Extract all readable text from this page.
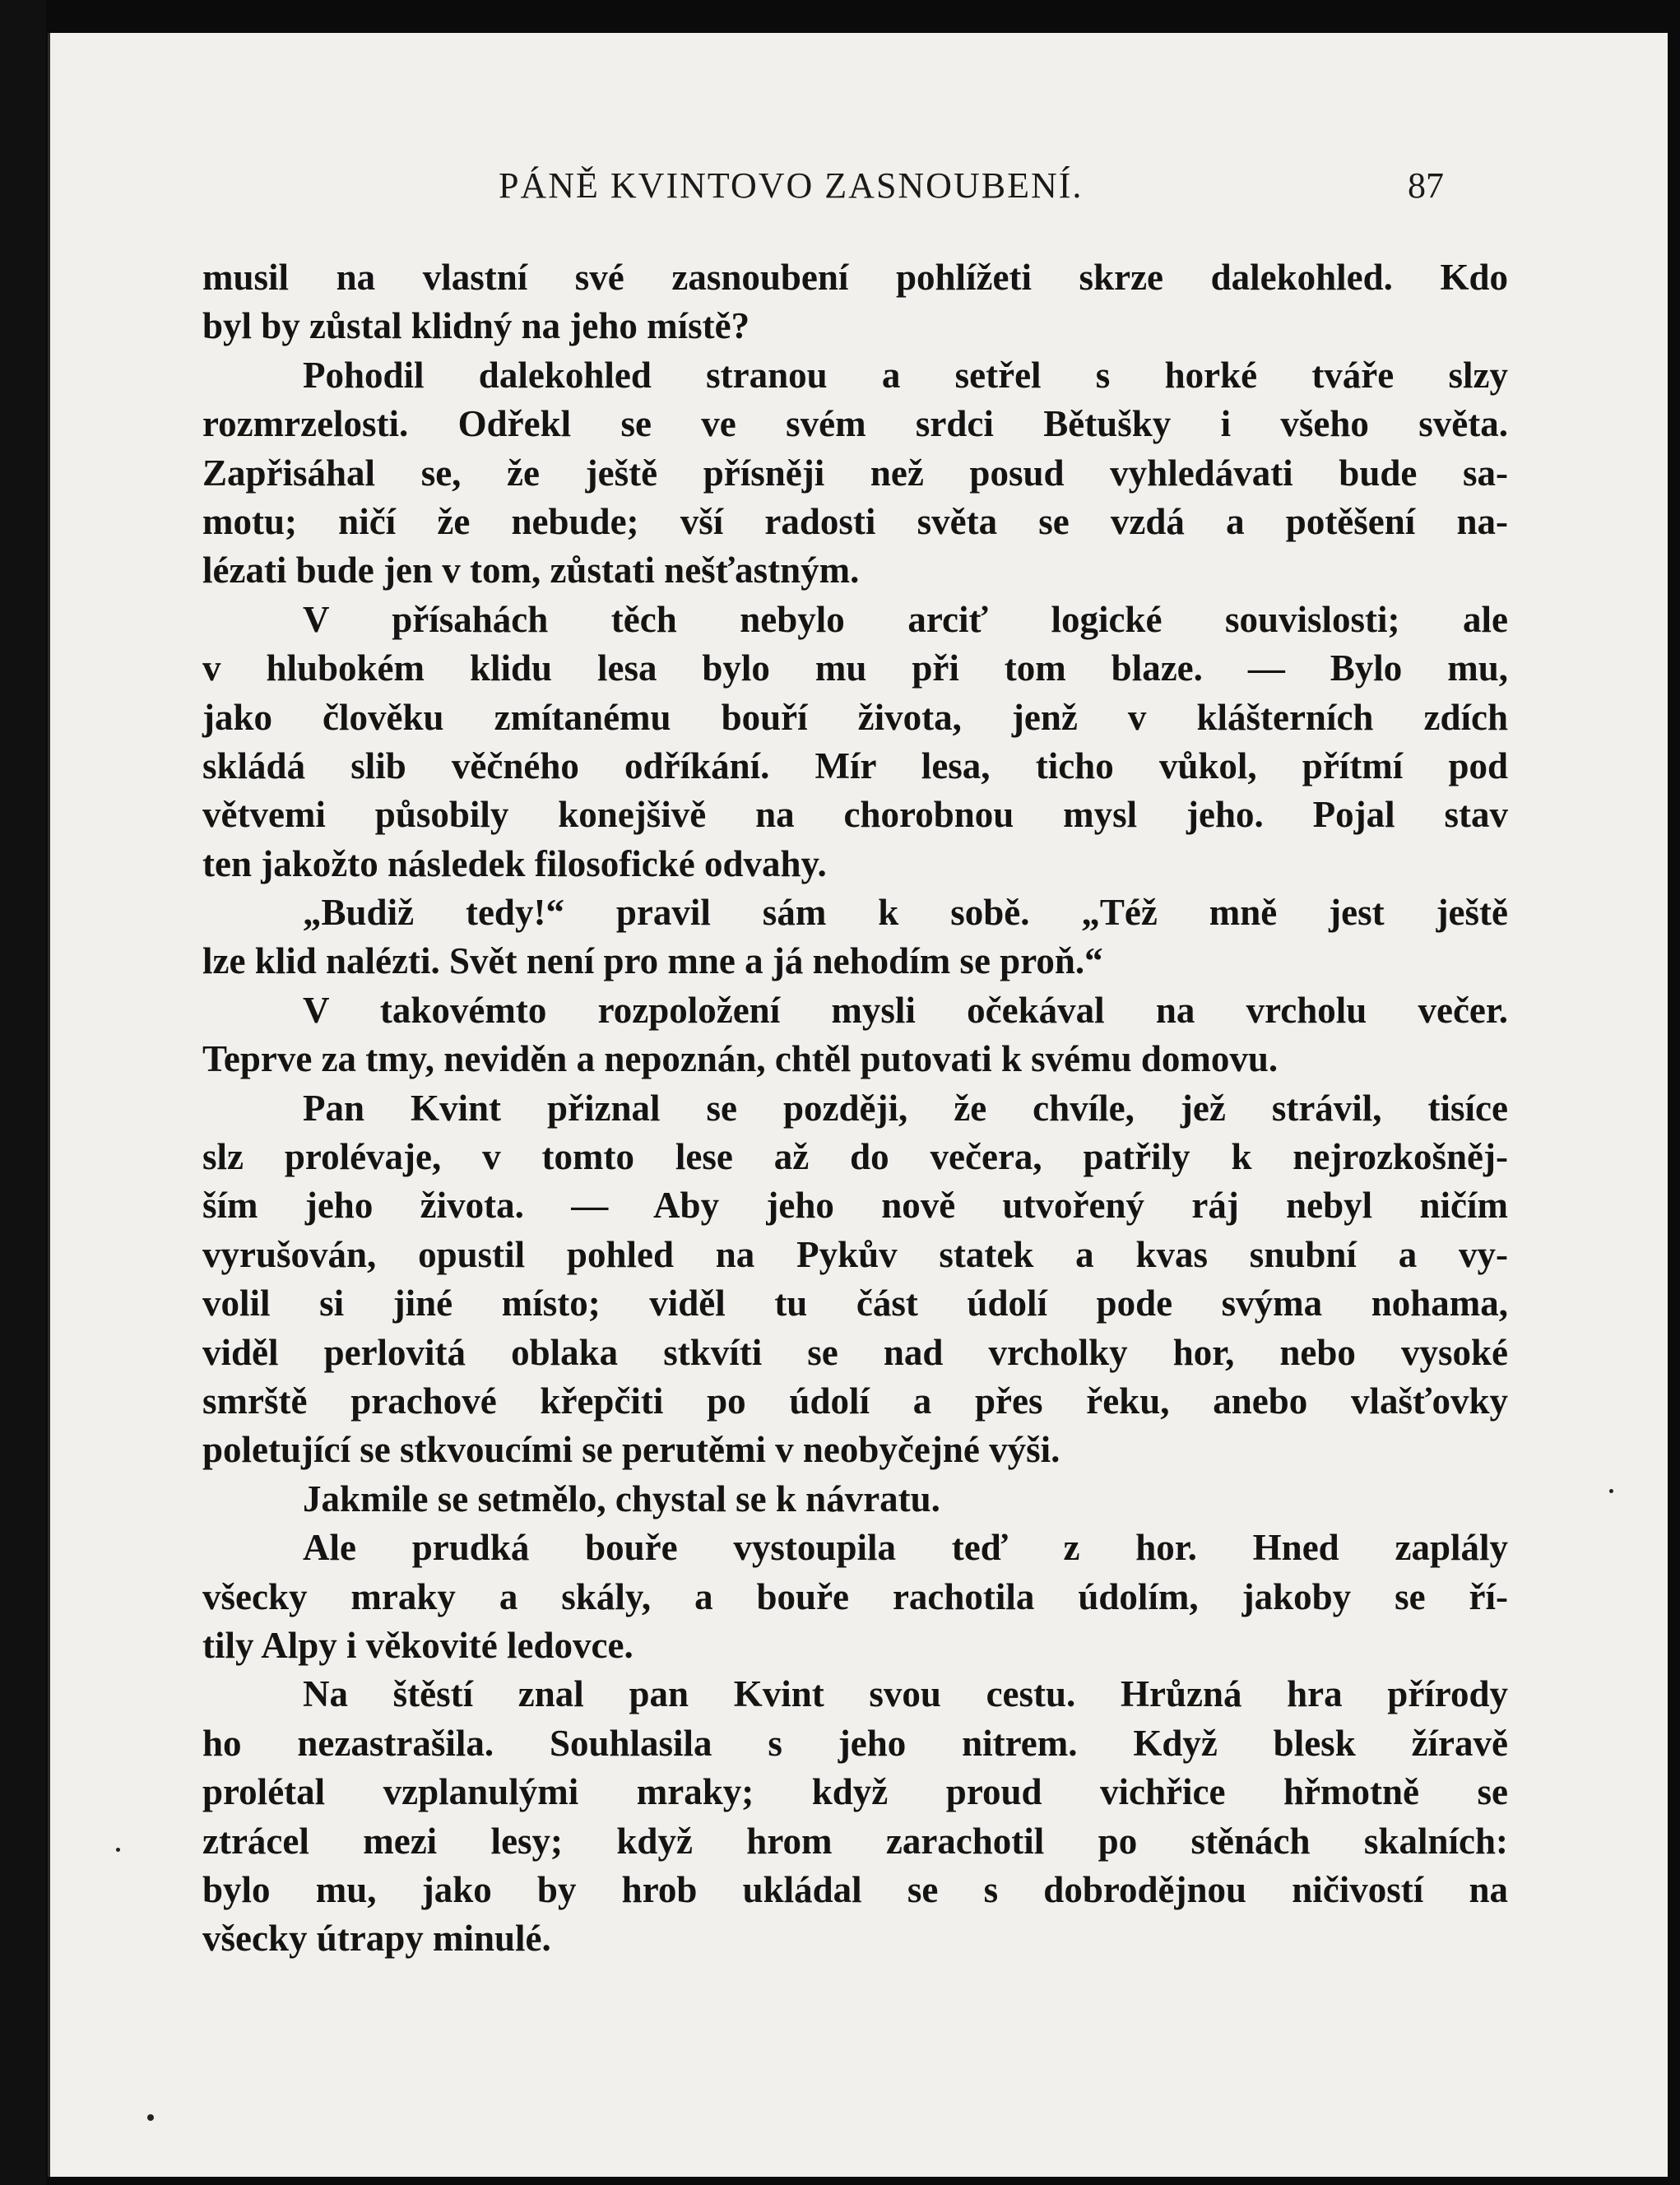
PÁNĚ KVINTOVO ZASNOUBENÍ.	87
musil na vlastní své zasnoubení pohlížeti skrze dalekohled. Kdo
byl by zůstal klidný na jeho místě?
Pohodil dalekohled stranou a setřel s horké tváře slzy
rozmrzelosti. Odřekl se ve svém srdci Bětušky i všeho světa.
Zapřisáhal se, že ještě přísněji než posud vyhledávati bude sa-
motu; ničí že nebude; vší radosti světa se vzdá a potěšení na-
lézati bude jen v tom, zůstati nešťastným.
V přísahách těch nebylo arciť logické souvislosti; ale
v hlubokém klidu lesa bylo mu při tom blaze. — Bylo mu,
jako člověku zmítanému bouří života, jenž v klášterních zdích
skládá slib věčného odříkání. Mír lesa, ticho vůkol, přítmí pod
větvemi působily konejšivě na chorobnou mysl jeho. Pojal stav
ten jakožto následek filosofické odvahy.
„Budiž tedy!“ pravil sám k sobě. „Též mně jest ještě
lze klid nalézti. Svět není pro mne a já nehodím se proň.“
V takovémto rozpoložení mysli očekával na vrcholu večer.
Teprve za tmy, neviděn a nepoznán, chtěl putovati k svému domovu.
Pan Kvint přiznal se později, že chvíle, jež strávil, tisíce
slz prolévaje, v tomto lese až do večera, patřily k nejrozkošněj-
ším jeho života. — Aby jeho nově utvořený ráj nebyl ničím
vyrušován, opustil pohled na Pykův statek a kvas snubní a vy-
volil si jiné místo; viděl tu část údolí pode svýma nohama,
viděl perlovitá oblaka stkvíti se nad vrcholky hor, nebo vysoké
smrště prachové křepčiti po údolí a přes řeku, anebo vlašťovky
poletující se stkvoucími se perutěmi v neobyčejné výši.
Jakmile se setmělo, chystal se k návratu.
Ale prudká bouře vystoupila teď z hor. Hned zaplály
všecky mraky a skály, a bouře rachotila údolím, jakoby se ří-
tily Alpy i věkovité ledovce.
Na štěstí znal pan Kvint svou cestu. Hrůzná hra přírody
ho nezastrašila. Souhlasila s jeho nitrem. Když blesk žíravě
prolétal vzplanulými mraky; když proud vichřice hřmotně se
ztrácel mezi lesy; když hrom zarachotil po stěnách skalních:
bylo mu, jako by hrob ukládal se s dobrodějnou ničivostí na
všecky útrapy minulé.
